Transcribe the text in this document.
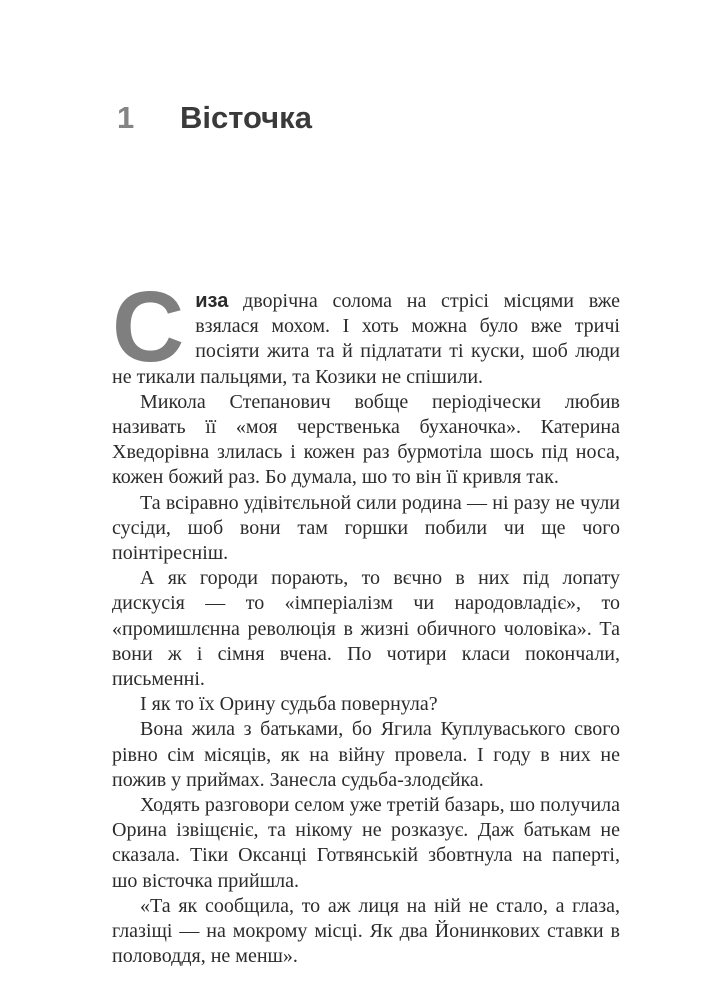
1	Вісточка

Сиза дворічна солома на стрісі місцями вже взялася мохом. І хоть можна було вже тричі посіяти жита та й підлатати ті куски, шоб люди не тикали пальцями, та Козики не спішили.

Микола Степанович вобще періодічески любив називать її «моя черственька буханочка». Катерина Хведорівна злилась і кожен раз бурмотіла шось під носа, кожен божий раз. Бо думала, шо то він її кривля так.

Та всіравно удівітєльной сили родина — ні разу не чули сусіди, шоб вони там горшки побили чи ще чого поінтіресніш.

А як городи порають, то вєчно в них під лопату дискусія — то «імперіалізм чи народовладіє», то «промишлєнна революція в жизні обичного чоловіка». Та вони ж і сімня вчена. По чотири класи покончали, письменні.

І як то їх Орину судьба повернула?

Вона жила з батьками, бо Ягила Куплуваського свого рівно сім місяців, як на війну провела. І году в них не пожив у приймах. Занесла судьба-злодєйка.

Ходять разговори селом уже третій базарь, шо получила Орина ізвіщєніє, та нікому не розказує. Даж батькам не сказала. Тіки Оксанці Готвянській збовтнула на паперті, шо вісточка прийшла.

«Та як сообщила, то аж лиця на ній не стало, а глаза, глазіщі — на мокрому місці. Як два Йонинкових ставки в половоддя, не менш».
